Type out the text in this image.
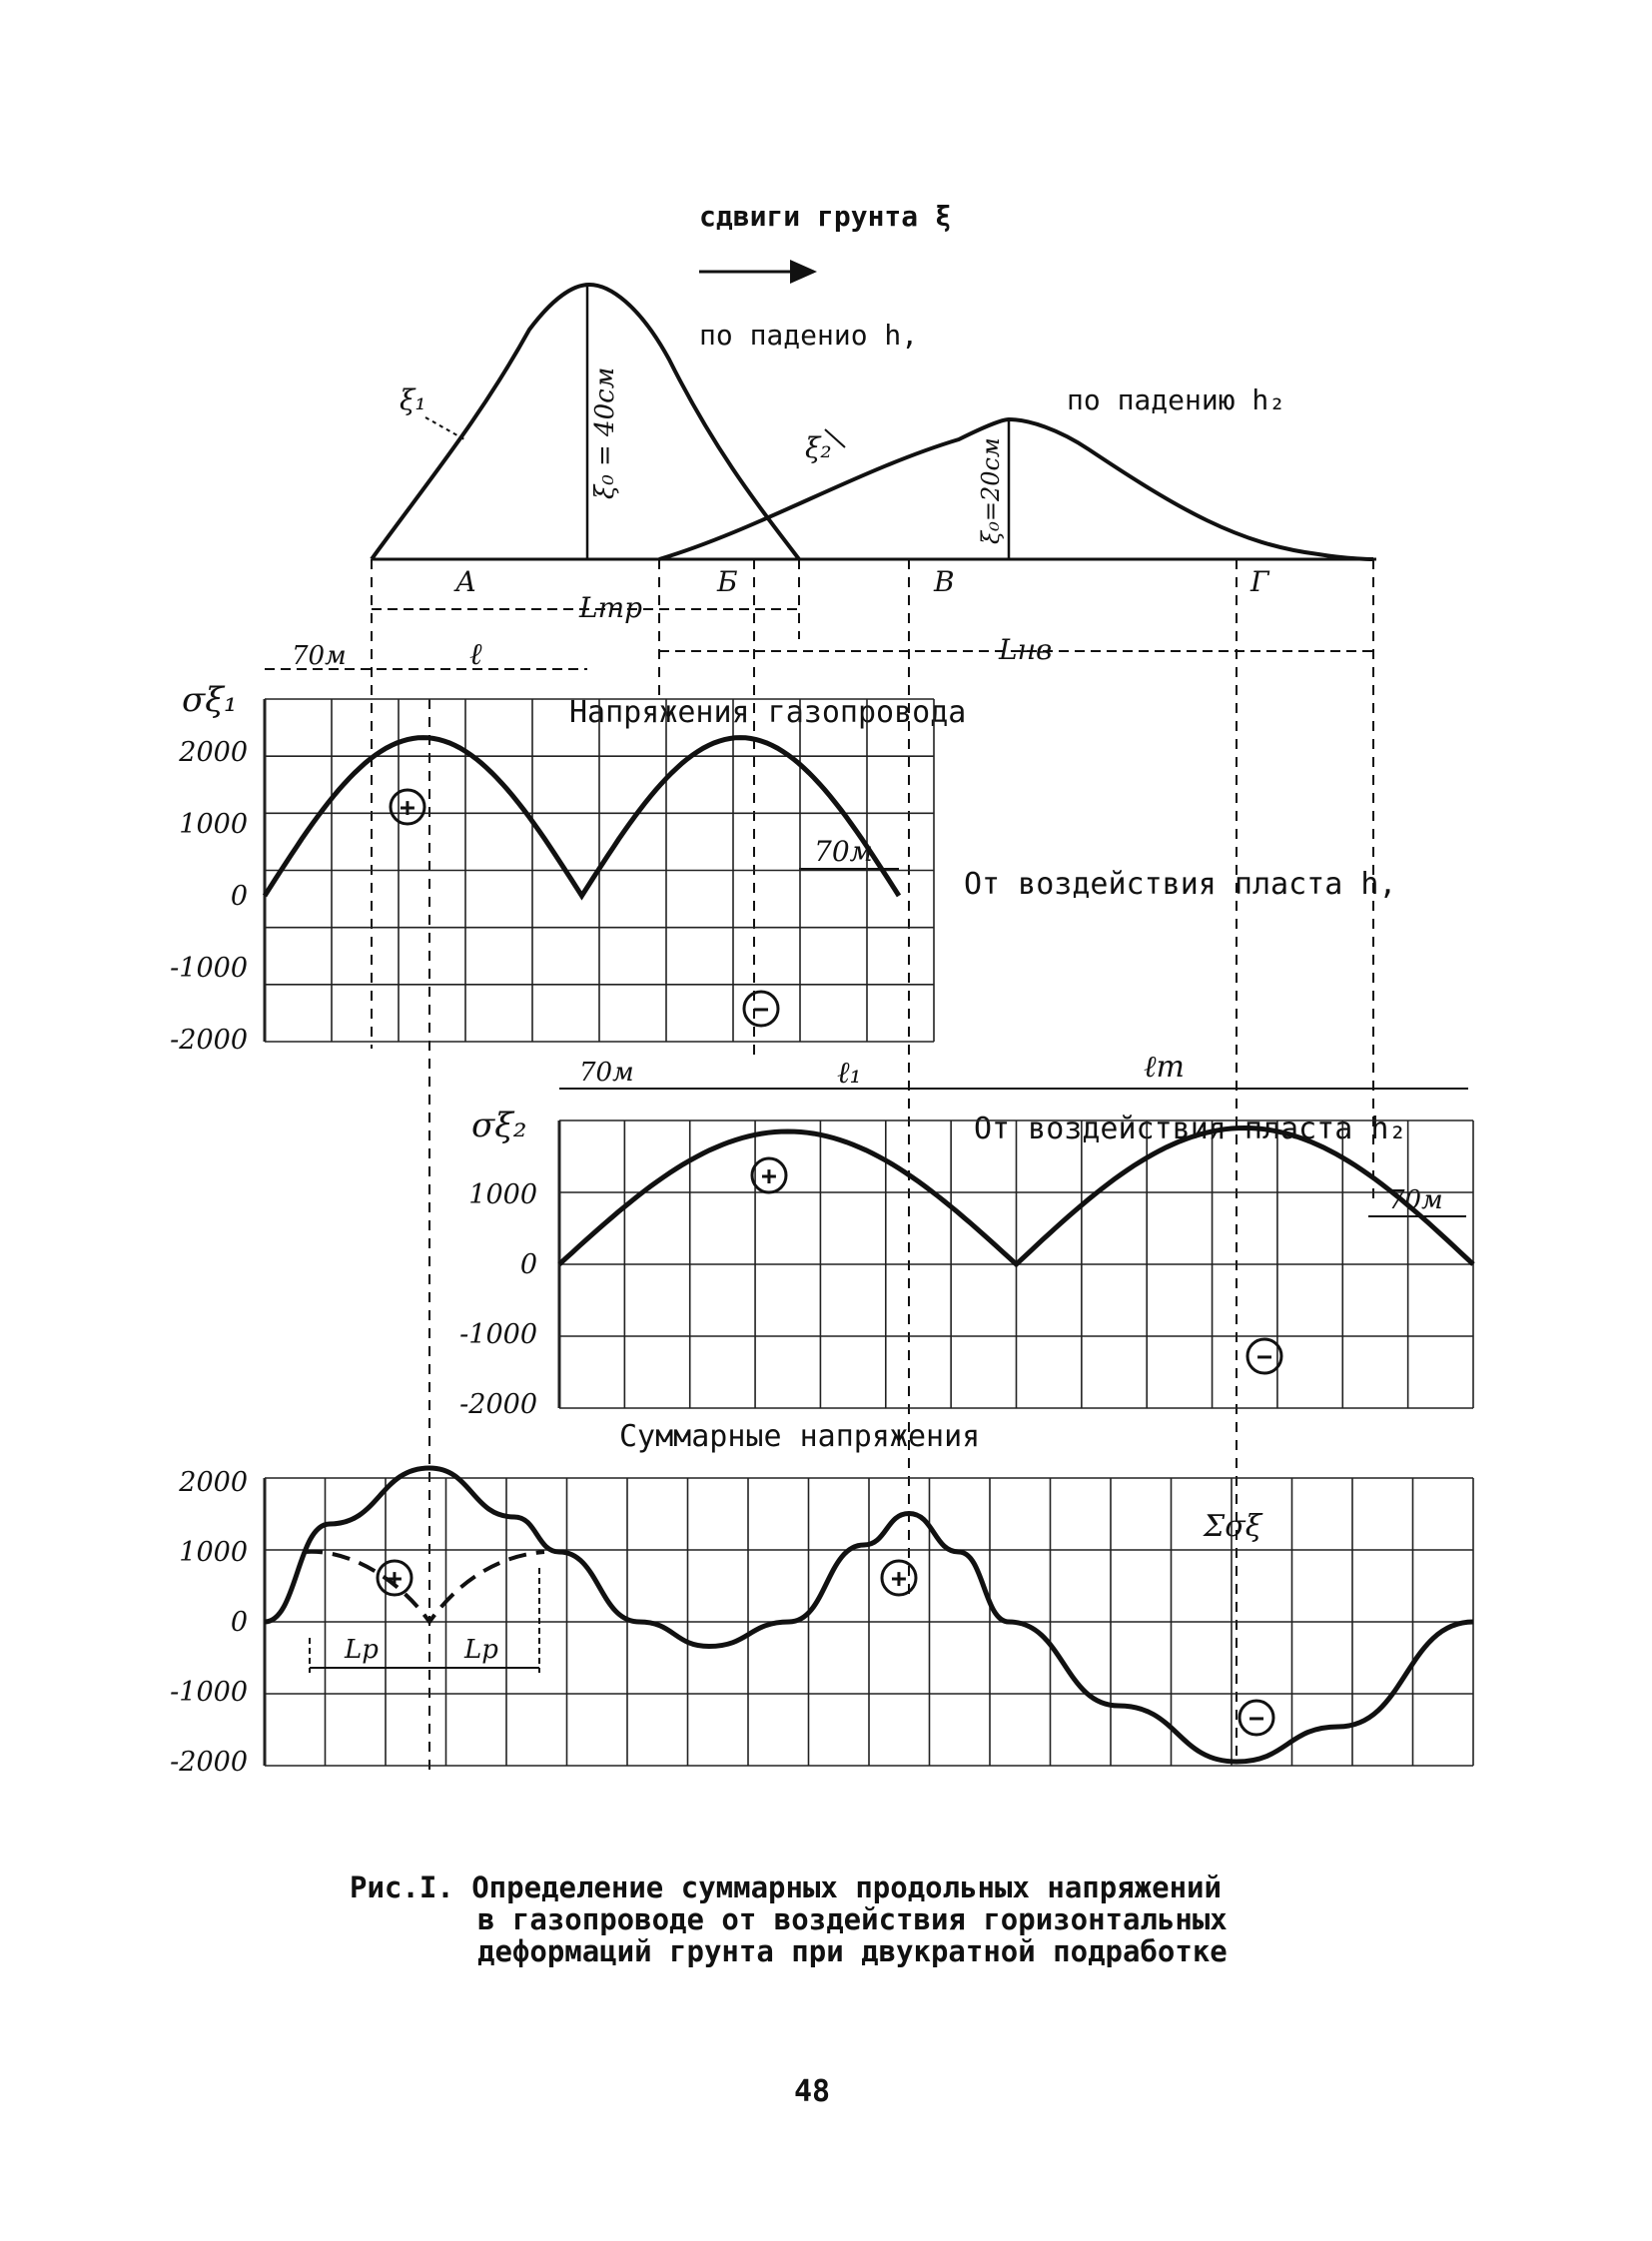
сдвиги грунта ξ
по паденио h,
по падению h₂
ξ₀ = 40см	ξ₀=20см
ξ₁
ξ₂
А	Б	В	Г
Lтр
Lнв
70м	ℓ
σξ₁	Напряжения газопровода
От воздействия пласта h,
70м
2000
1000
0
-1000
-2000
+
−
70м	ℓ₁	ℓт
σξ₂	От воздействия пласта h₂
70м
1000
0
-1000
-2000
+
−
Суммарные напряжения
Σσξ
2000
1000
0
-1000
-2000
Lр	Lр
+	+
−
Рис.I. Определение суммарных продольных напряжений
в газопроводе от воздействия горизонтальных
деформаций грунта при двукратной подработке
48
